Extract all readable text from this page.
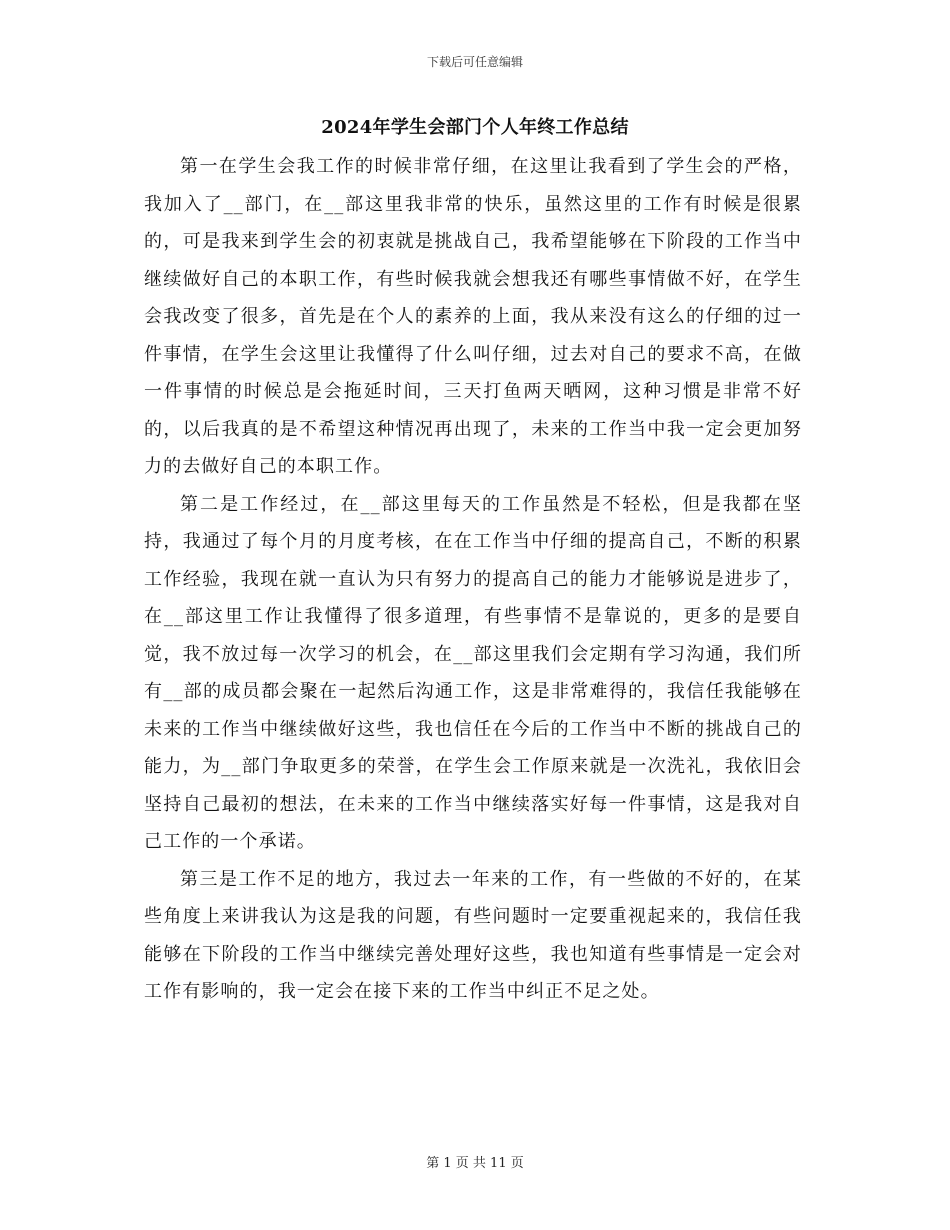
下载后可任意编辑
2024年学生会部门个人年终工作总结

第一在学生会我工作的时候非常仔细，在这里让我看到了学生会的严格，我加入了__部门，在__部这里我非常的快乐，虽然这里的工作有时候是很累的，可是我来到学生会的初衷就是挑战自己，我希望能够在下阶段的工作当中继续做好自己的本职工作，有些时候我就会想我还有哪些事情做不好，在学生会我改变了很多，首先是在个人的素养的上面，我从来没有这么的仔细的过一件事情，在学生会这里让我懂得了什么叫仔细，过去对自己的要求不高，在做一件事情的时候总是会拖延时间，三天打鱼两天晒网，这种习惯是非常不好的，以后我真的是不希望这种情况再出现了，未来的工作当中我一定会更加努力的去做好自己的本职工作。

第二是工作经过，在__部这里每天的工作虽然是不轻松，但是我都在坚持，我通过了每个月的月度考核，在在工作当中仔细的提高自己，不断的积累工作经验，我现在就一直认为只有努力的提高自己的能力才能够说是进步了，在__部这里工作让我懂得了很多道理，有些事情不是靠说的，更多的是要自觉，我不放过每一次学习的机会，在__部这里我们会定期有学习沟通，我们所有__部的成员都会聚在一起然后沟通工作，这是非常难得的，我信任我能够在未来的工作当中继续做好这些，我也信任在今后的工作当中不断的挑战自己的能力，为__部门争取更多的荣誉，在学生会工作原来就是一次洗礼，我依旧会坚持自己最初的想法，在未来的工作当中继续落实好每一件事情，这是我对自己工作的一个承诺。

第三是工作不足的地方，我过去一年来的工作，有一些做的不好的，在某些角度上来讲我认为这是我的问题，有些问题时一定要重视起来的，我信任我能够在下阶段的工作当中继续完善处理好这些，我也知道有些事情是一定会对工作有影响的，我一定会在接下来的工作当中纠正不足之处。

第 1 页 共 11 页
